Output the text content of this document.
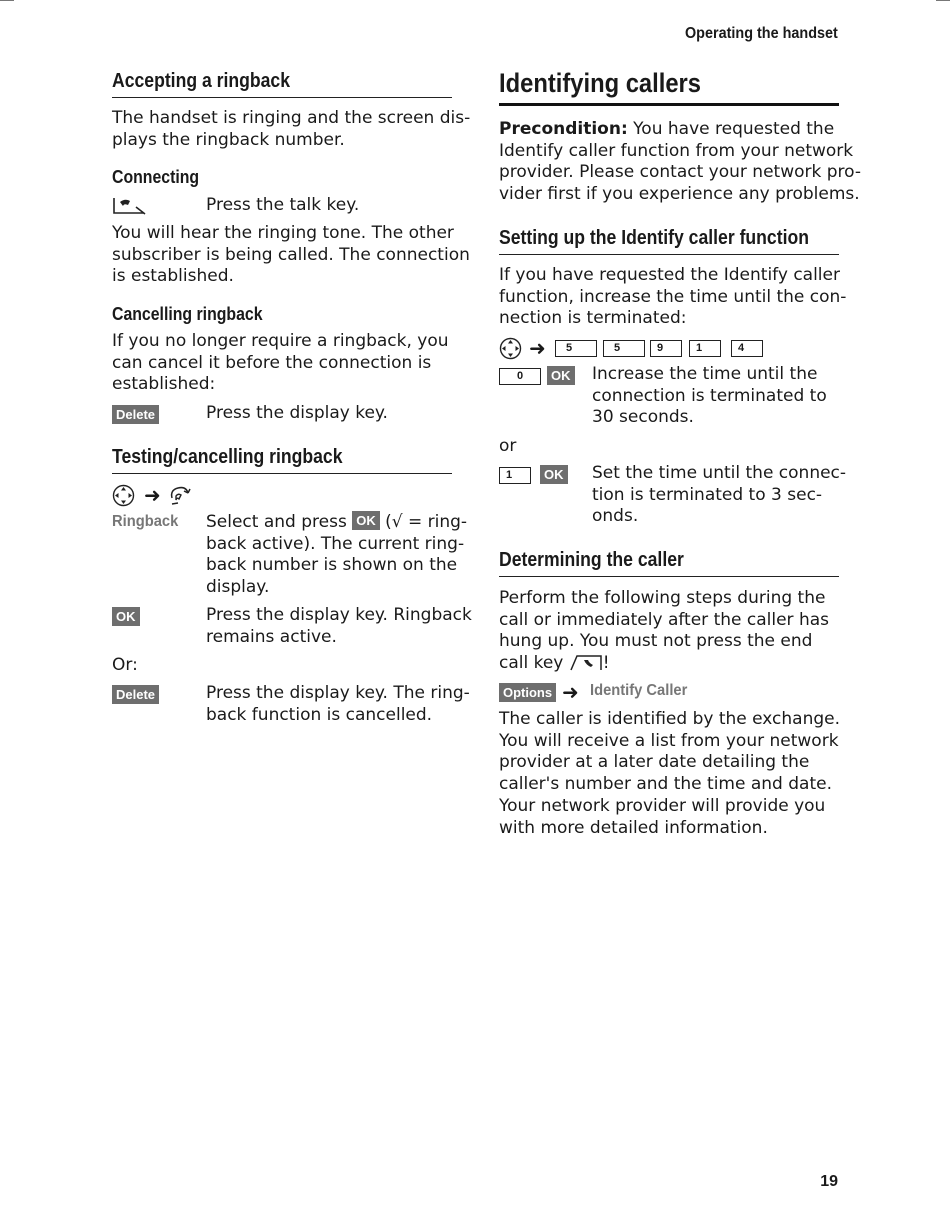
Operating the handset
Accepting a ringback
The handset is ringing and the screen dis-
plays the ringback number.
Connecting
Press the talk key.
You will hear the ringing tone. The other
subscriber is being called. The connection
is established.
Cancelling ringback
If you no longer require a ringback, you
can cancel it before the connection is
established:
Delete	Press the display key.
Testing/cancelling ringback
➜
Ringback	Select and press OK (√ = ring-
back active). The current ring-
back number is shown on the
display.
OK	Press the display key. Ringback
remains active.
Or:
Delete	Press the display key. The ring-
back function is cancelled.
Identifying callers
Precondition: You have requested the
Identify caller function from your network
provider. Please contact your network pro-
vider first if you experience any problems.
Setting up the Identify caller function
If you have requested the Identify caller
function, increase the time until the con-
nection is terminated:
➜	5	5	9	1	4
0	OK Increase the time until the
connection is terminated to
30 seconds.
or
1	OK Set the time until the connec-
tion is terminated to 3 sec-
onds.
Determining the caller
Perform the following steps during the
call or immediately after the caller has
hung up. You must not press the end
call key !
Options ➜ Identify Caller
The caller is identified by the exchange.
You will receive a list from your network
provider at a later date detailing the
caller's number and the time and date.
Your network provider will provide you
with more detailed information.
19
